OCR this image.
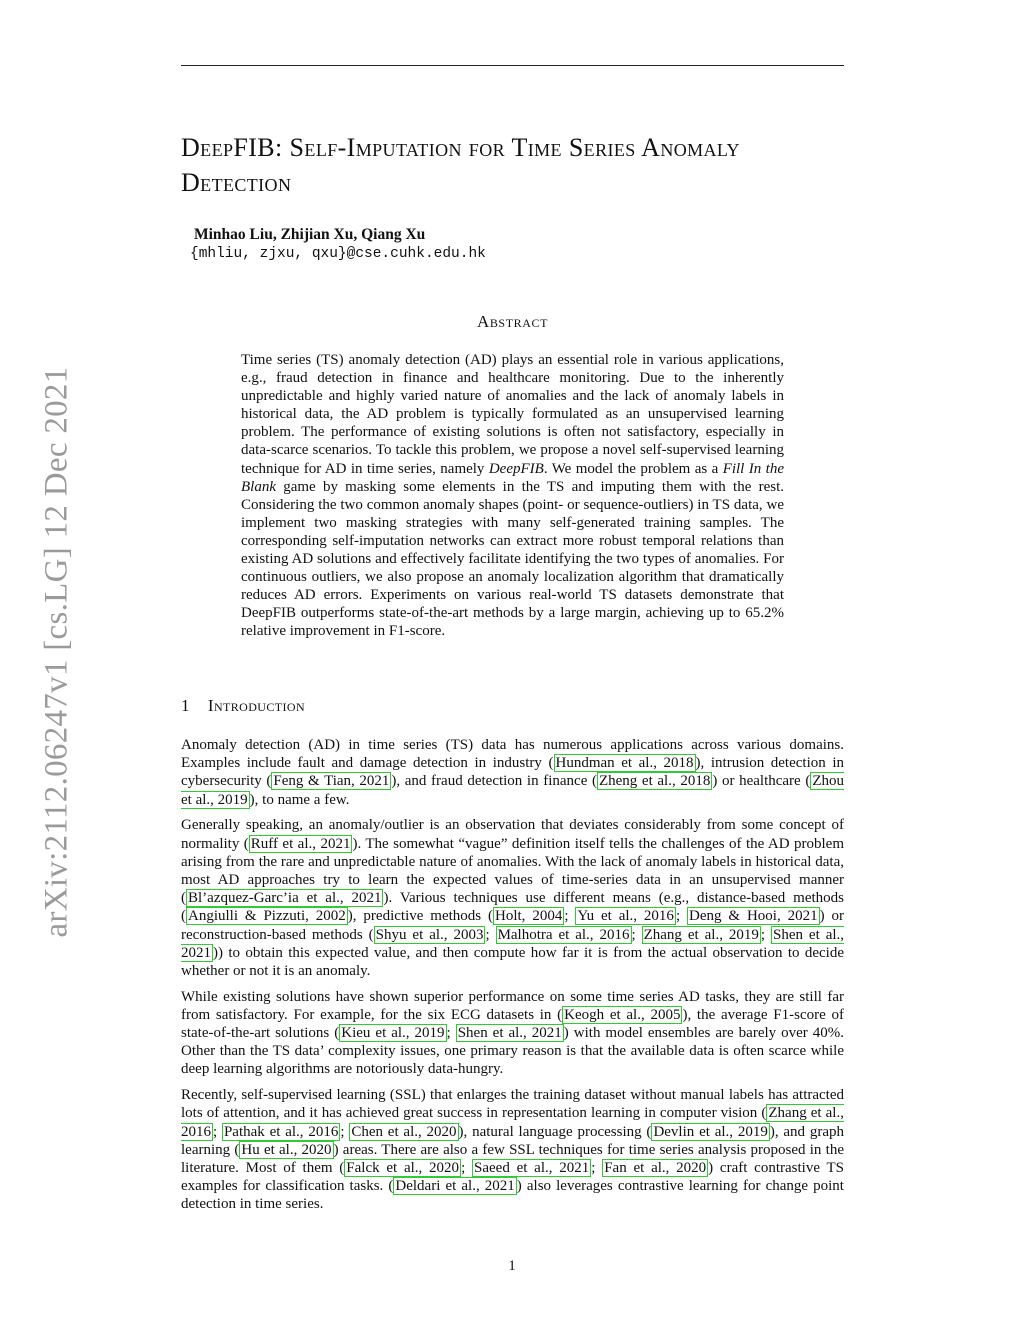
arXiv:2112.06247v1 [cs.LG] 12 Dec 2021
DeepFIB: Self-Imputation for Time Series Anomaly Detection
Minhao Liu, Zhijian Xu, Qiang Xu
{mhliu, zjxu, qxu}@cse.cuhk.edu.hk
Abstract

Time series (TS) anomaly detection (AD) plays an essential role in various applications, e.g., fraud detection in finance and healthcare monitoring. Due to the inherently unpredictable and highly varied nature of anomalies and the lack of anomaly labels in historical data, the AD problem is typically formulated as an unsupervised learning problem. The performance of existing solutions is often not satisfactory, especially in data-scarce scenarios. To tackle this problem, we propose a novel self-supervised learning technique for AD in time series, namely DeepFIB. We model the problem as a Fill In the Blank game by masking some elements in the TS and imputing them with the rest. Considering the two common anomaly shapes (point- or sequence-outliers) in TS data, we implement two masking strategies with many self-generated training samples. The corresponding self-imputation networks can extract more robust temporal relations than existing AD solutions and effectively facilitate identifying the two types of anomalies. For continuous outliers, we also propose an anomaly localization algorithm that dramatically reduces AD errors. Experiments on various real-world TS datasets demonstrate that DeepFIB outperforms state-of-the-art methods by a large margin, achieving up to 65.2% relative improvement in F1-score.

1 Introduction

Anomaly detection (AD) in time series (TS) data has numerous applications across various domains. Examples include fault and damage detection in industry ( Hundman et al., 2018 ), intrusion detection in cybersecurity ( Feng & Tian, 2021 ), and fraud detection in finance ( Zheng et al., 2018 ) or healthcare ( Zhou et al., 2019 ), to name a few.

Generally speaking, an anomaly/outlier is an observation that deviates considerably from some concept of normality ( Ruff et al., 2021 ). The somewhat “vague” definition itself tells the challenges of the AD problem arising from the rare and unpredictable nature of anomalies. With the lack of anomaly labels in historical data, most AD approaches try to learn the expected values of time-series data in an unsupervised manner ( Bl’azquez-Garc’ia et al., 2021 ). Various techniques use different means (e.g., distance-based methods ( Angiulli & Pizzuti, 2002 ), predictive methods ( Holt, 2004 ; Yu et al., 2016 ; Deng & Hooi, 2021 ) or reconstruction-based methods ( Shyu et al., 2003 ; Malhotra et al., 2016 ; Zhang et al., 2019 ; Shen et al., 2021 )) to obtain this expected value, and then compute how far it is from the actual observation to decide whether or not it is an anomaly.

While existing solutions have shown superior performance on some time series AD tasks, they are still far from satisfactory. For example, for the six ECG datasets in ( Keogh et al., 2005 ), the average F1-score of state-of-the-art solutions ( Kieu et al., 2019 ; Shen et al., 2021 ) with model ensembles are barely over 40%. Other than the TS data’ complexity issues, one primary reason is that the available data is often scarce while deep learning algorithms are notoriously data-hungry.

Recently, self-supervised learning (SSL) that enlarges the training dataset without manual labels has attracted lots of attention, and it has achieved great success in representation learning in computer vision ( Zhang et al., 2016 ; Pathak et al., 2016 ; Chen et al., 2020 ), natural language processing ( Devlin et al., 2019 ), and graph learning ( Hu et al., 2020 ) areas. There are also a few SSL techniques for time series analysis proposed in the literature. Most of them ( Falck et al., 2020 ; Saeed et al., 2021 ; Fan et al., 2020 ) craft contrastive TS examples for classification tasks. ( Deldari et al., 2021 ) also leverages contrastive learning for change point detection in time series.

1
